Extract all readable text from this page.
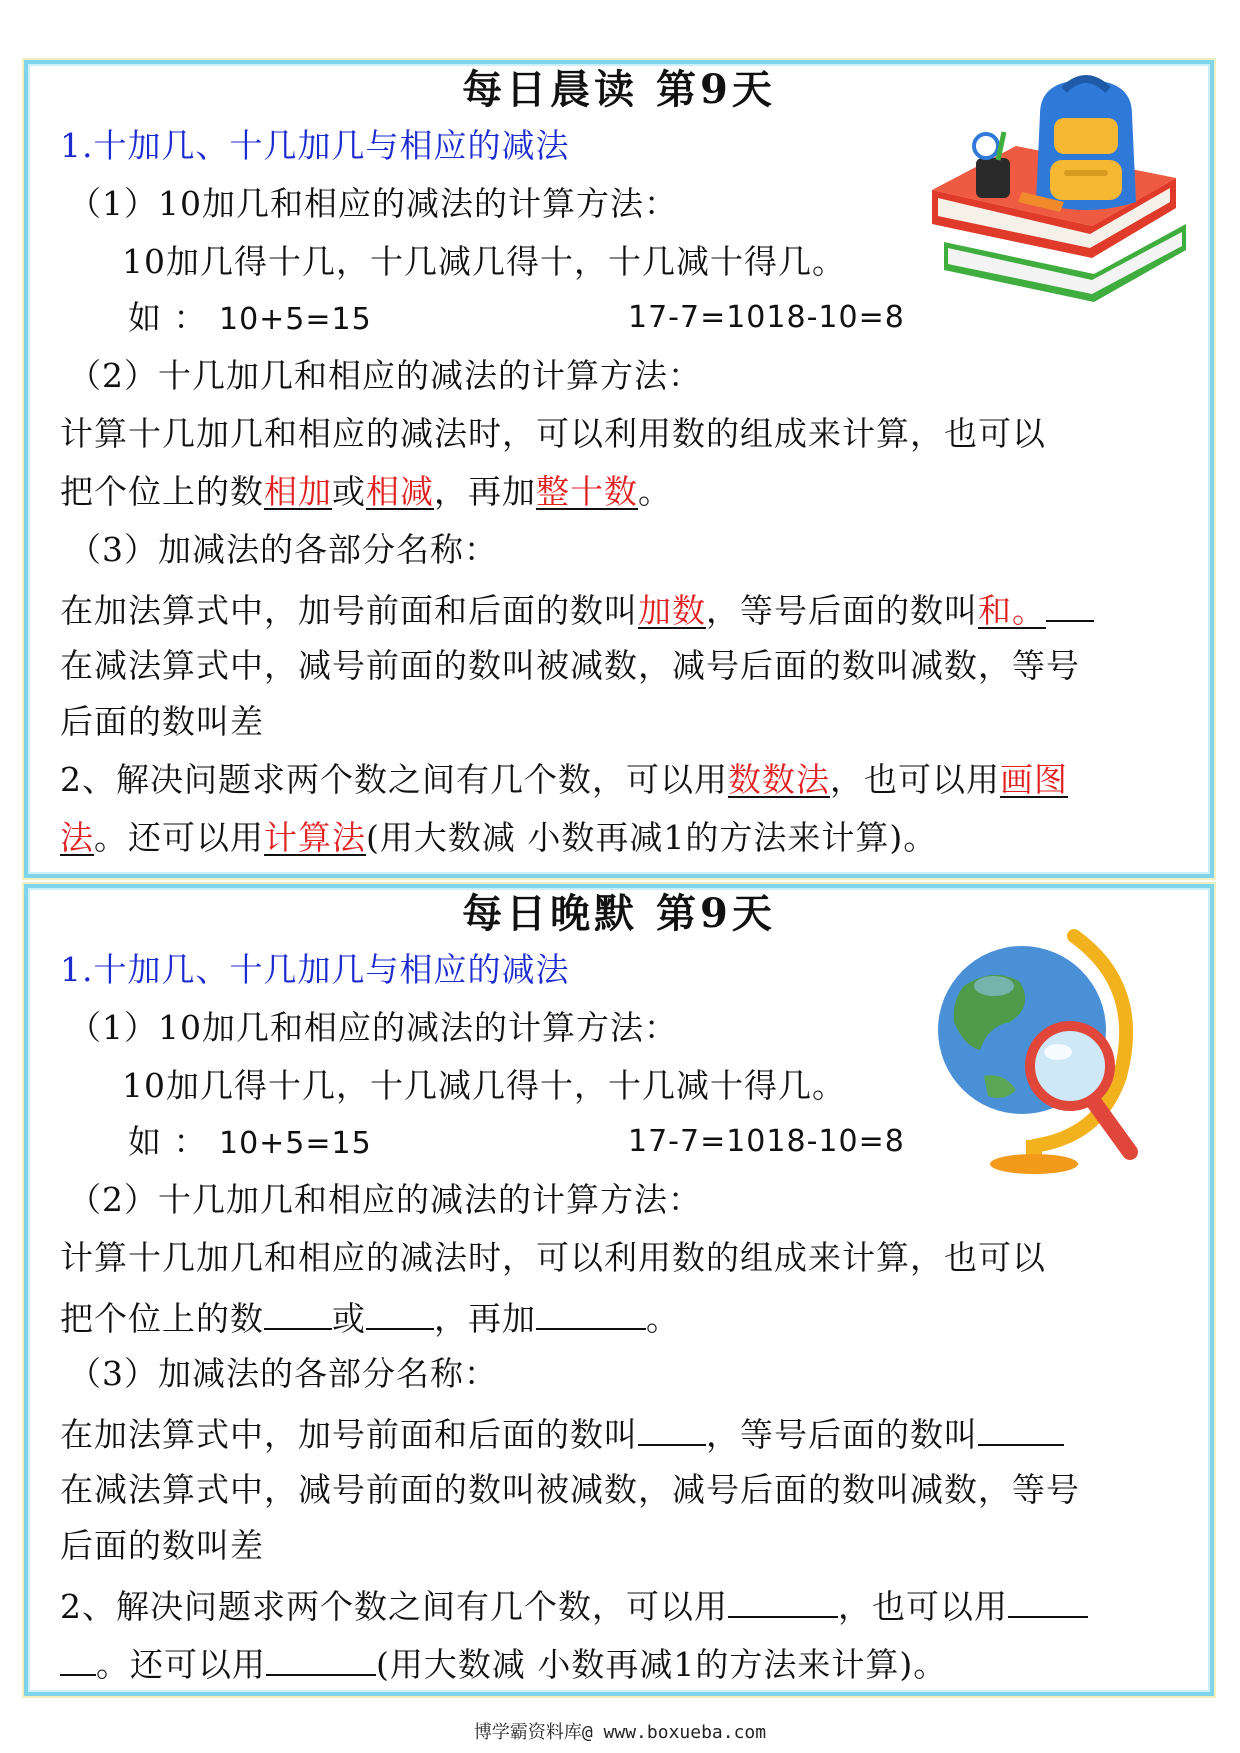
每日晨读 第9天
1.十加几、十几加几与相应的减法
（1）10加几和相应的减法的计算方法：
10加几得十几，十几减几得十，十几减十得几。
如 ： 10+5=15	17-7=1018-10=8
（2）十几加几和相应的减法的计算方法：
计算十几加几和相应的减法时，可以利用数的组成来计算，也可以
把个位上的数相加或相减，再加整十数。
（3）加减法的各部分名称：
在加法算式中，加号前面和后面的数叫加数，等号后面的数叫和。
在减法算式中，减号前面的数叫被减数，减号后面的数叫减数，等号
后面的数叫差
2、解决问题求两个数之间有几个数，可以用数数法，也可以用画图
法。还可以用计算法(用大数减 小数再减1的方法来计算)。
每日晚默 第9天
1.十加几、十几加几与相应的减法
（1）10加几和相应的减法的计算方法：
10加几得十几，十几减几得十，十几减十得几。
如 ： 10+5=15	17-7=1018-10=8
（2）十几加几和相应的减法的计算方法：
计算十几加几和相应的减法时，可以利用数的组成来计算，也可以
把个位上的数 或 ，再加	。
（3）加减法的各部分名称：
在加法算式中，加号前面和后面的数叫 ，等号后面的数叫
在减法算式中，减号前面的数叫被减数，减号后面的数叫减数，等号
后面的数叫差
2、解决问题求两个数之间有几个数，可以用	，也可以用
。还可以用	(用大数减 小数再减1的方法来计算)。
博学霸资料库@ www.boxueba.com
